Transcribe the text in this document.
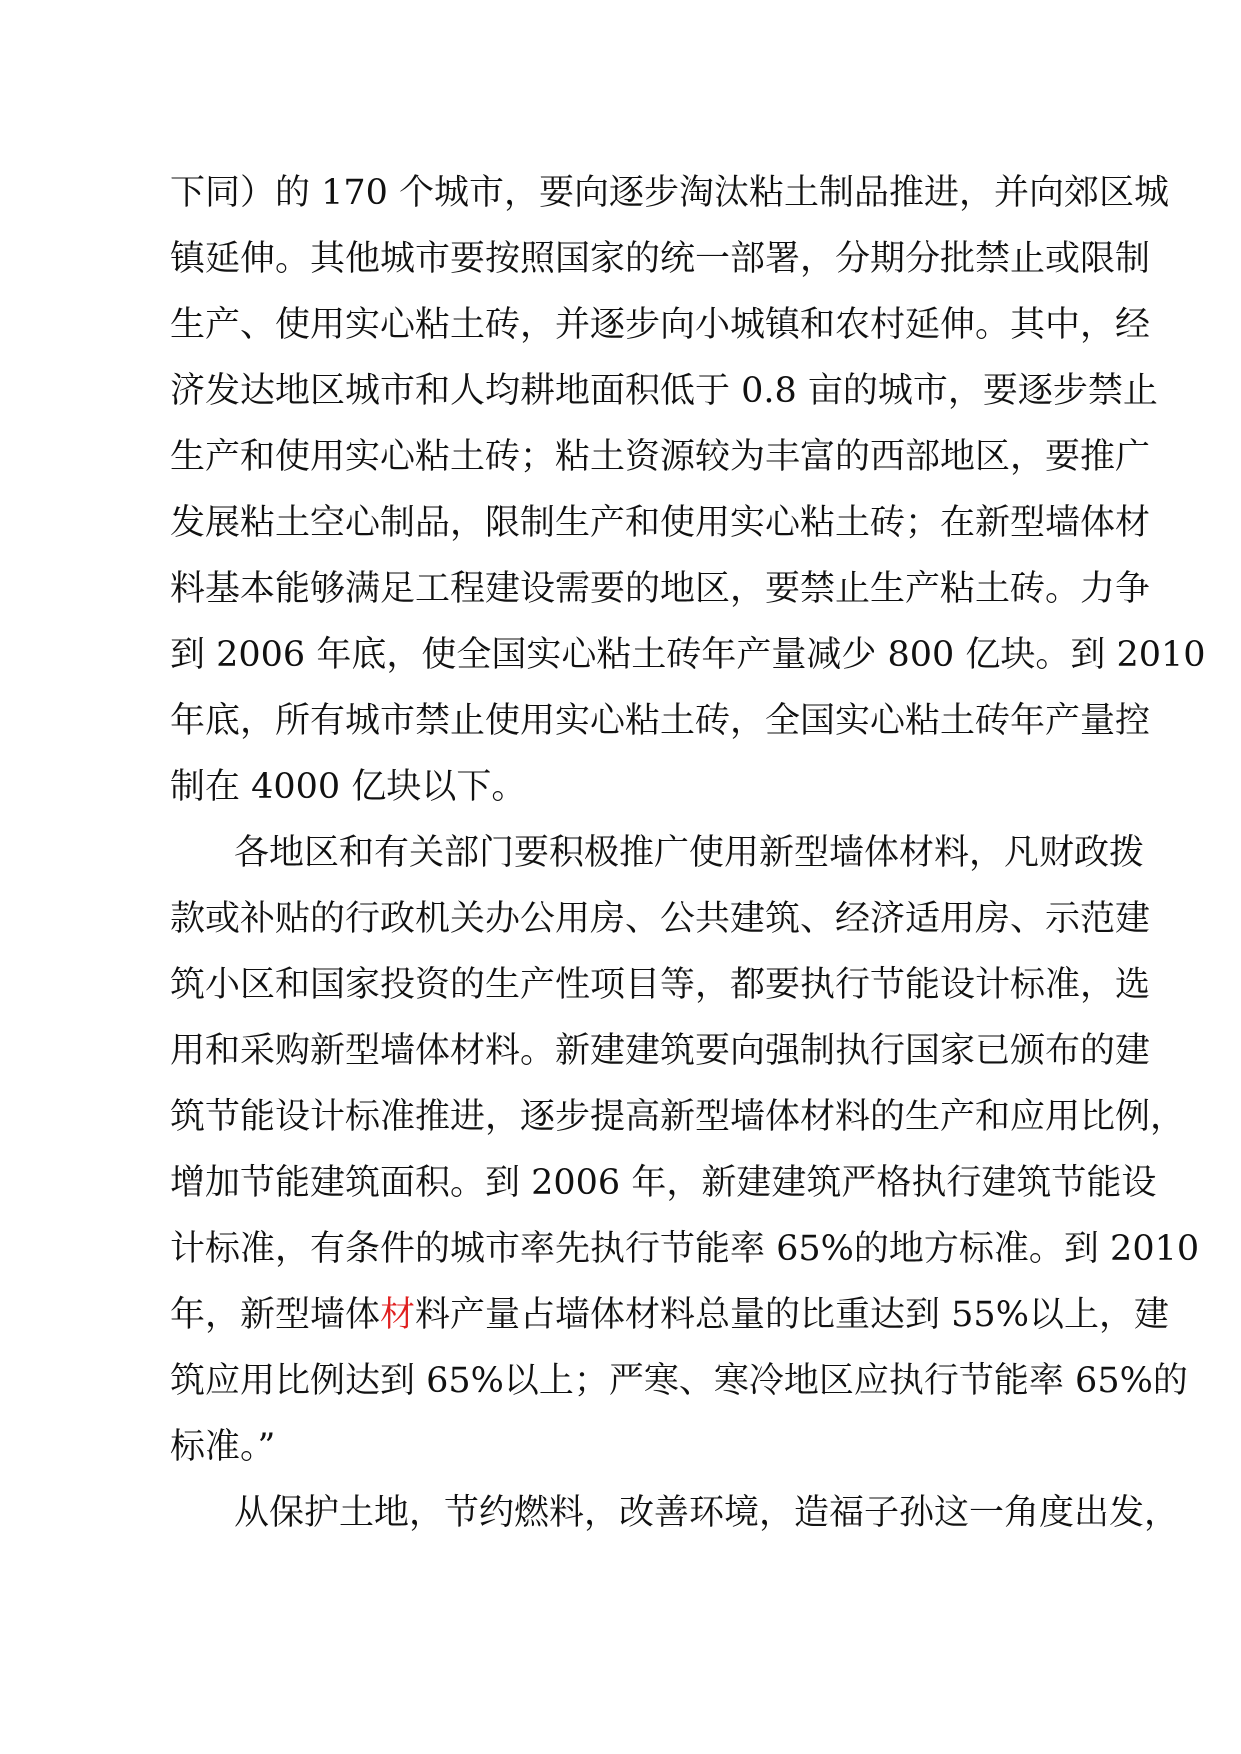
下同）的 170 个城市，要向逐步淘汰粘土制品推进，并向郊区城
镇延伸。其他城市要按照国家的统一部署，分期分批禁止或限制
生产、使用实心粘土砖，并逐步向小城镇和农村延伸。其中，经
济发达地区城市和人均耕地面积低于 0.8 亩的城市，要逐步禁止
生产和使用实心粘土砖；粘土资源较为丰富的西部地区，要推广
发展粘土空心制品，限制生产和使用实心粘土砖；在新型墙体材
料基本能够满足工程建设需要的地区，要禁止生产粘土砖。力争
到 2006 年底，使全国实心粘土砖年产量减少 800 亿块。到 2010
年底，所有城市禁止使用实心粘土砖，全国实心粘土砖年产量控
制在 4000 亿块以下。
各地区和有关部门要积极推广使用新型墙体材料，凡财政拨
款或补贴的行政机关办公用房、公共建筑、经济适用房、示范建
筑小区和国家投资的生产性项目等，都要执行节能设计标准，选
用和采购新型墙体材料。新建建筑要向强制执行国家已颁布的建
筑节能设计标准推进，逐步提高新型墙体材料的生产和应用比例，
增加节能建筑面积。到 2006 年，新建建筑严格执行建筑节能设
计标准，有条件的城市率先执行节能率 65%的地方标准。到 2010
年，新型墙体材料产量占墙体材料总量的比重达到 55%以上，建
筑应用比例达到 65%以上；严寒、寒冷地区应执行节能率 65%的
标准。”
从保护土地，节约燃料，改善环境，造福子孙这一角度出发，
